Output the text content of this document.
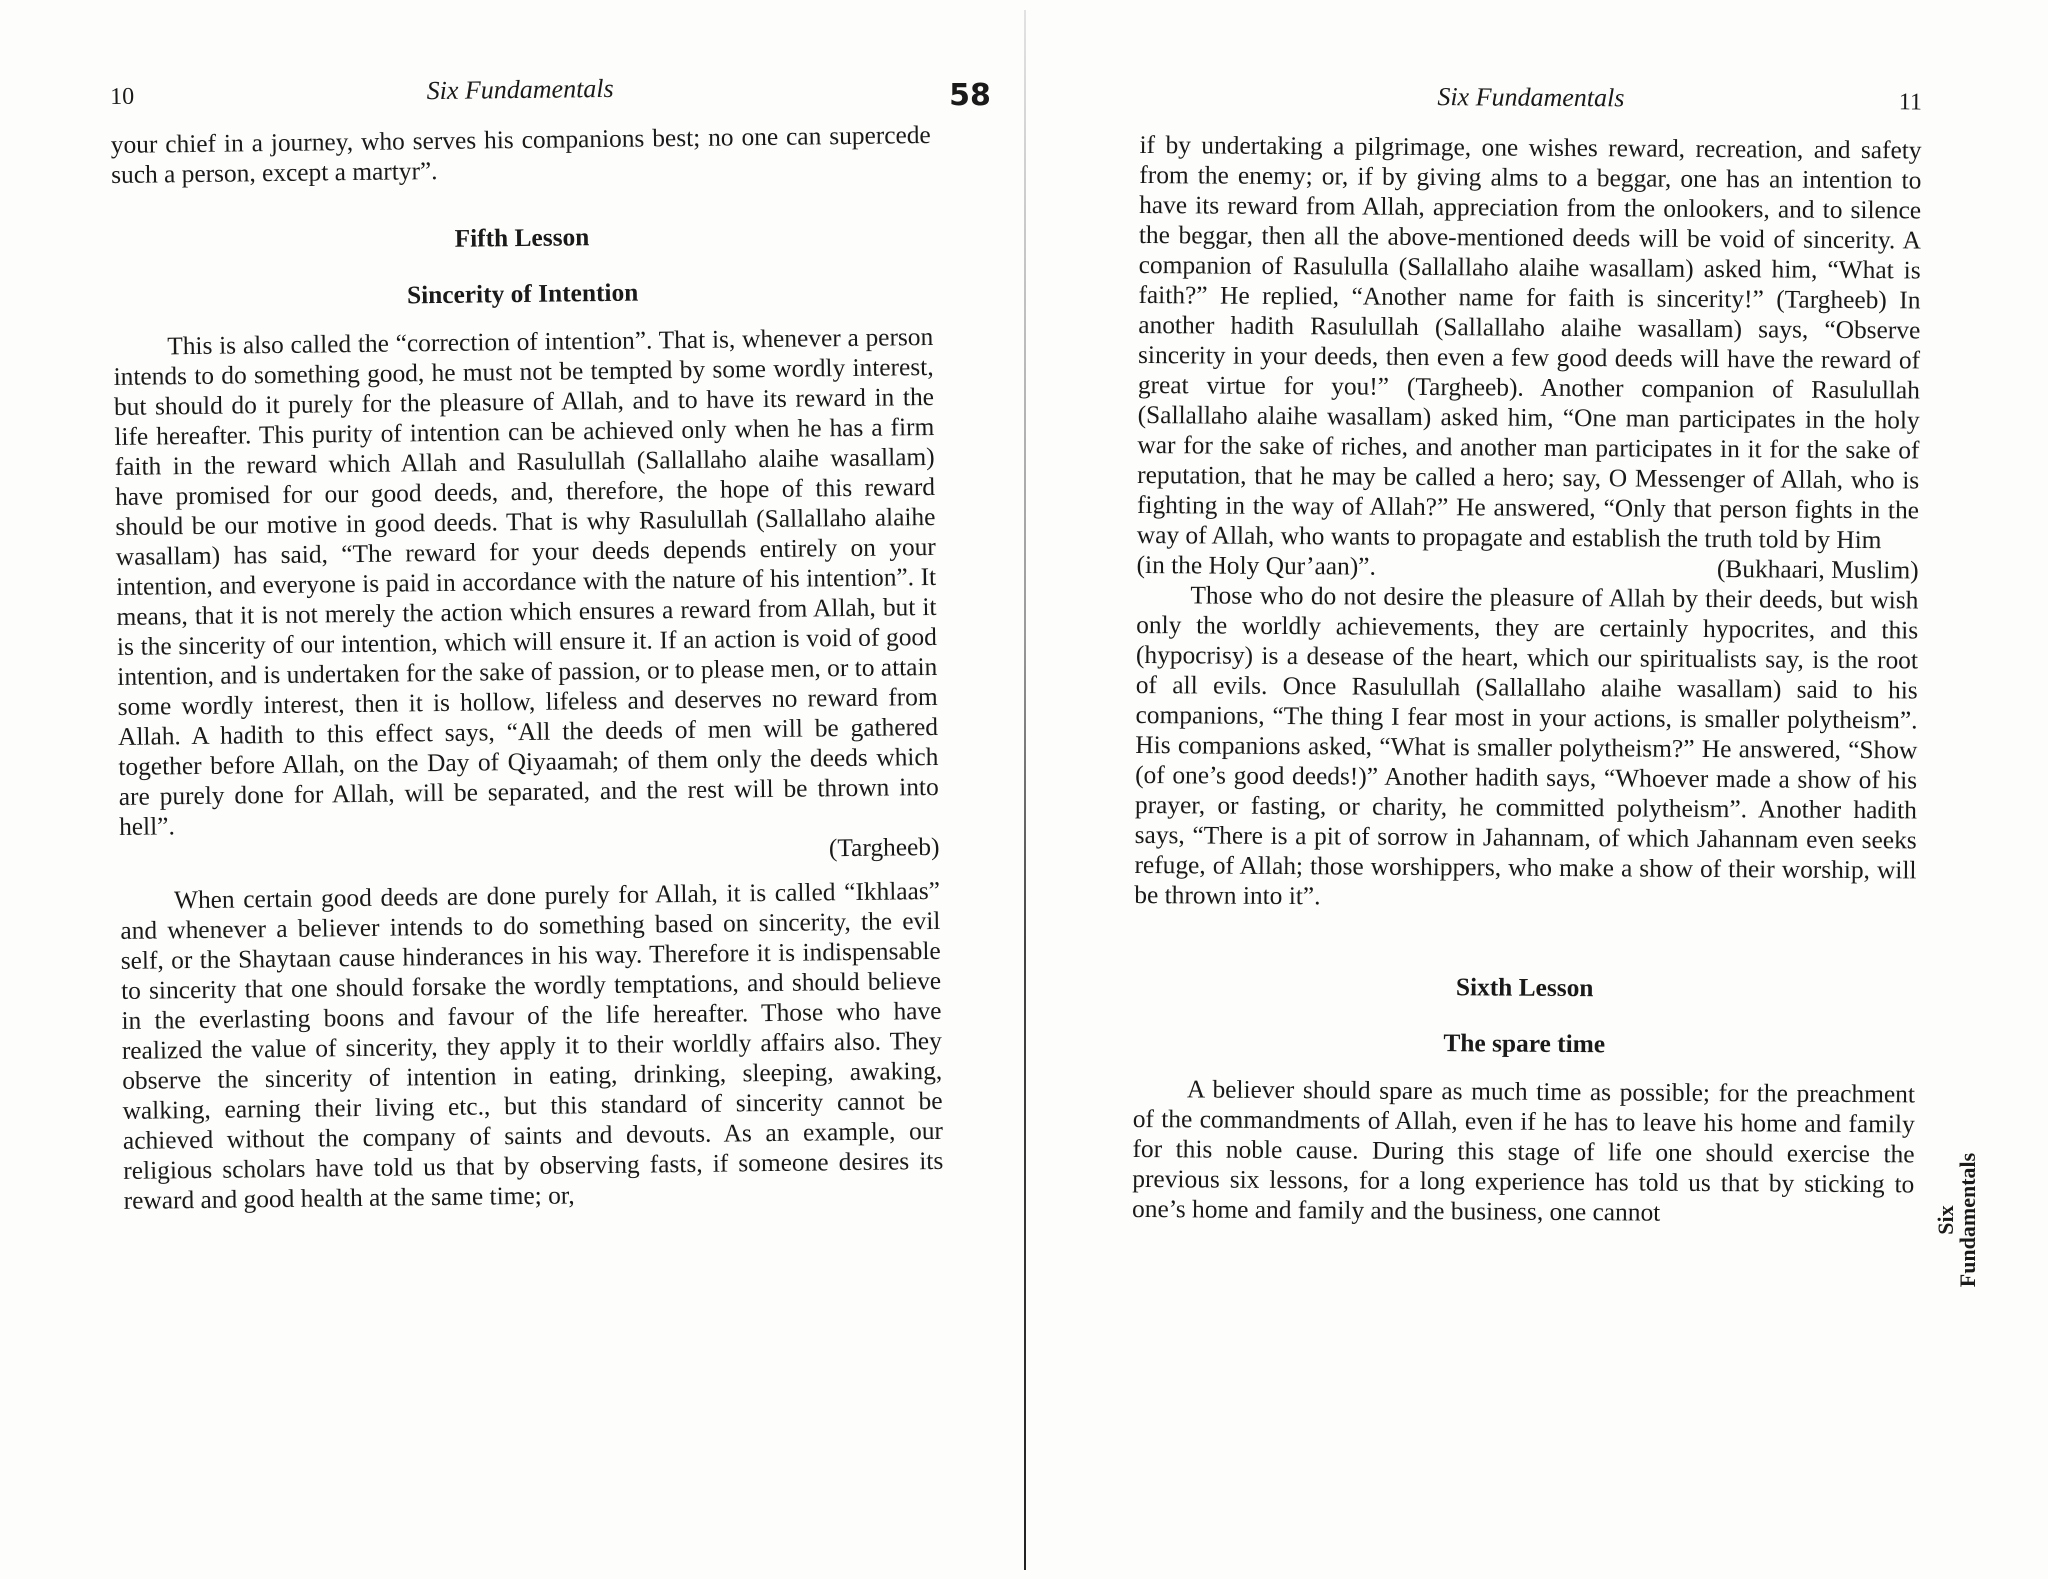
58
10	Six Fundamentals

your chief in a journey, who serves his companions best; no one can supercede such a person, except a martyr”.

Fifth Lesson
Sincerity of Intention

This is also called the “correction of intention”. That is, whenever a person intends to do something good, he must not be tempted by some wordly interest, but should do it purely for the pleasure of Allah, and to have its reward in the life hereafter. This purity of intention can be achieved only when he has a firm faith in the reward which Allah and Rasulullah (Sallallaho alaihe wasallam) have promised for our good deeds, and, therefore, the hope of this reward should be our motive in good deeds. That is why Rasulullah (Sallallaho alaihe wasallam) has said, “The reward for your deeds depends entirely on your intention, and everyone is paid in accordance with the nature of his intention”. It means, that it is not merely the action which ensures a reward from Allah, but it is the sincerity of our intention, which will ensure it. If an action is void of good intention, and is undertaken for the sake of passion, or to please men, or to attain some wordly interest, then it is hollow, lifeless and deserves no reward from Allah. A hadith to this effect says, “All the deeds of men will be gathered together before Allah, on the Day of Qiyaamah; of them only the deeds which are purely done for Allah, will be separated, and the rest will be thrown into hell”.

(Targheeb)

When certain good deeds are done purely for Allah, it is called “Ikhlaas” and whenever a believer intends to do something based on sincerity, the evil self, or the Shaytaan cause hinderances in his way. Therefore it is indispensable to sincerity that one should forsake the wordly temptations, and should believe in the everlasting boons and favour of the life hereafter. Those who have realized the value of sincerity, they apply it to their worldly affairs also. They observe the sincerity of intention in eating, drinking, sleeping, awaking, walking, earning their living etc., but this standard of sincerity cannot be achieved without the company of saints and devouts. As an example, our religious scholars have told us that by observing fasts, if someone desires its reward and good health at the same time; or,

Six Fundamentals	11

if by undertaking a pilgrimage, one wishes reward, recreation, and safety from the enemy; or, if by giving alms to a beggar, one has an intention to have its reward from Allah, appreciation from the onlookers, and to silence the beggar, then all the above-mentioned deeds will be void of sincerity. A companion of Rasululla (Sallallaho alaihe wasallam) asked him, “What is faith?” He replied, “Another name for faith is sincerity!” (Targheeb) In another hadith Rasulullah (Sallallaho alaihe wasallam) says, “Observe sincerity in your deeds, then even a few good deeds will have the reward of great virtue for you!” (Targheeb). Another companion of Rasulullah (Sallallaho alaihe wasallam) asked him, “One man participates in the holy war for the sake of riches, and another man participates in it for the sake of reputation, that he may be called a hero; say, O Messenger of Allah, who is fighting in the way of Allah?” He answered, “Only that person fights in the way of Allah, who wants to propagate and establish the truth told by Him

(in the Holy Qur’aan)”.	(Bukhaari, Muslim)

Those who do not desire the pleasure of Allah by their deeds, but wish only the worldly achievements, they are certainly hypocrites, and this (hypocrisy) is a desease of the heart, which our spiritualists say, is the root of all evils. Once Rasulullah (Sallallaho alaihe wasallam) said to his companions, “The thing I fear most in your actions, is smaller polytheism”. His companions asked, “What is smaller polytheism?” He answered, “Show (of one’s good deeds!)” Another hadith says, “Whoever made a show of his prayer, or fasting, or charity, he committed polytheism”. Another hadith says, “There is a pit of sorrow in Jahannam, of which Jahannam even seeks refuge, of Allah; those worshippers, who make a show of their worship, will be thrown into it”.

Sixth Lesson
The spare time

A believer should spare as much time as possible; for the preachment of the commandments of Allah, even if he has to leave his home and family for this noble cause. During this stage of life one should exercise the previous six lessons, for a long experience has told us that by sticking to one’s home and family and the business, one cannot	Six
Fundamentals
